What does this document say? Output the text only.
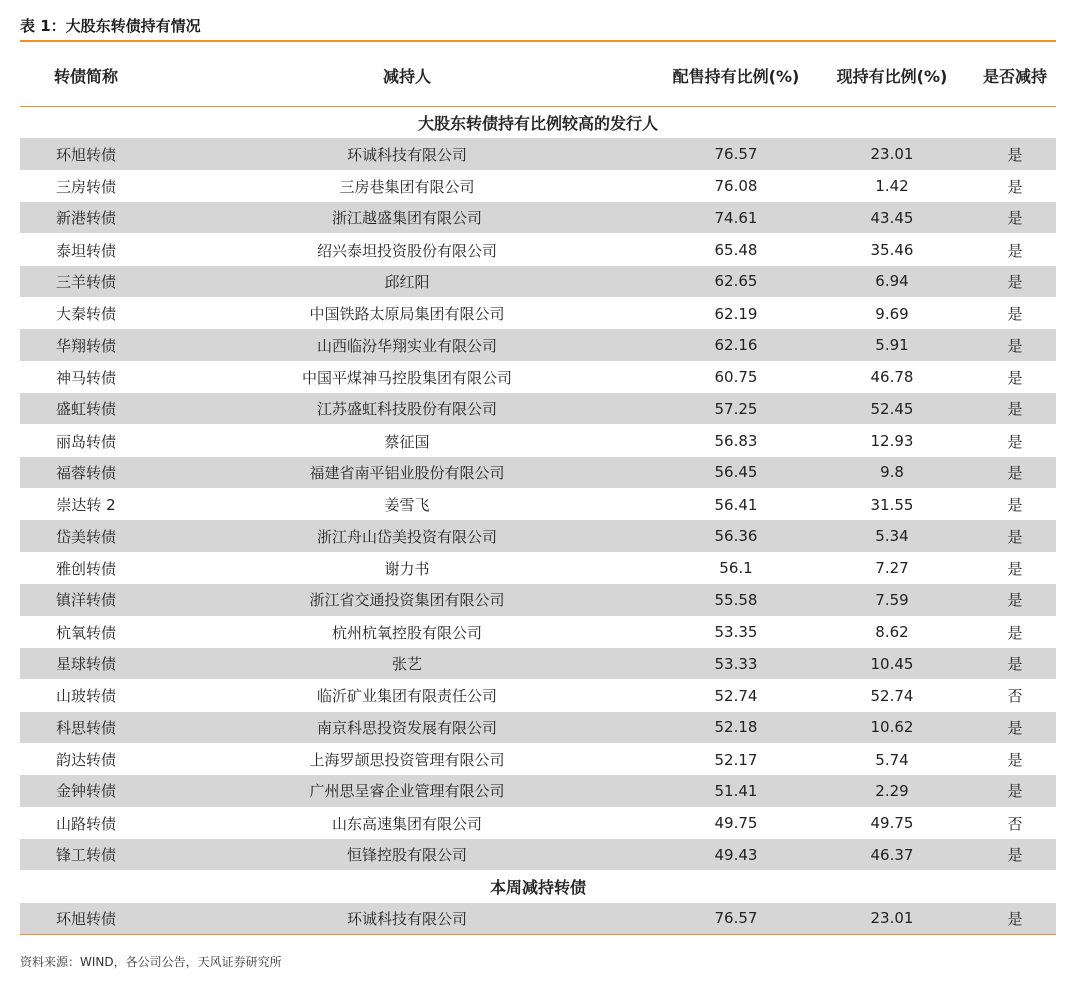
表 1：大股东转债持有情况
转债简称	减持人	配售持有比例(%)	现持有比例(%)	是否减持
大股东转债持有比例较高的发行人				
环旭转债	环诚科技有限公司	76.57	23.01	是
三房转债	三房巷集团有限公司	76.08	1.42	是
新港转债	浙江越盛集团有限公司	74.61	43.45	是
泰坦转债	绍兴泰坦投资股份有限公司	65.48	35.46	是
三羊转债	邱红阳	62.65	6.94	是
大秦转债	中国铁路太原局集团有限公司	62.19	9.69	是
华翔转债	山西临汾华翔实业有限公司	62.16	5.91	是
神马转债	中国平煤神马控股集团有限公司	60.75	46.78	是
盛虹转债	江苏盛虹科技股份有限公司	57.25	52.45	是
丽岛转债	蔡征国	56.83	12.93	是
福蓉转债	福建省南平铝业股份有限公司	56.45	9.8	是
崇达转 2	姜雪飞	56.41	31.55	是
岱美转债	浙江舟山岱美投资有限公司	56.36	5.34	是
雅创转债	谢力书	56.1	7.27	是
镇洋转债	浙江省交通投资集团有限公司	55.58	7.59	是
杭氧转债	杭州杭氧控股有限公司	53.35	8.62	是
星球转债	张艺	53.33	10.45	是
山玻转债	临沂矿业集团有限责任公司	52.74	52.74	否
科思转债	南京科思投资发展有限公司	52.18	10.62	是
韵达转债	上海罗颉思投资管理有限公司	52.17	5.74	是
金钟转债	广州思呈睿企业管理有限公司	51.41	2.29	是
山路转债	山东高速集团有限公司	49.75	49.75	否
锋工转债	恒锋控股有限公司	49.43	46.37	是
本周减持转债				
环旭转债	环诚科技有限公司	76.57	23.01	是
资料来源：WIND，各公司公告，天风证券研究所
